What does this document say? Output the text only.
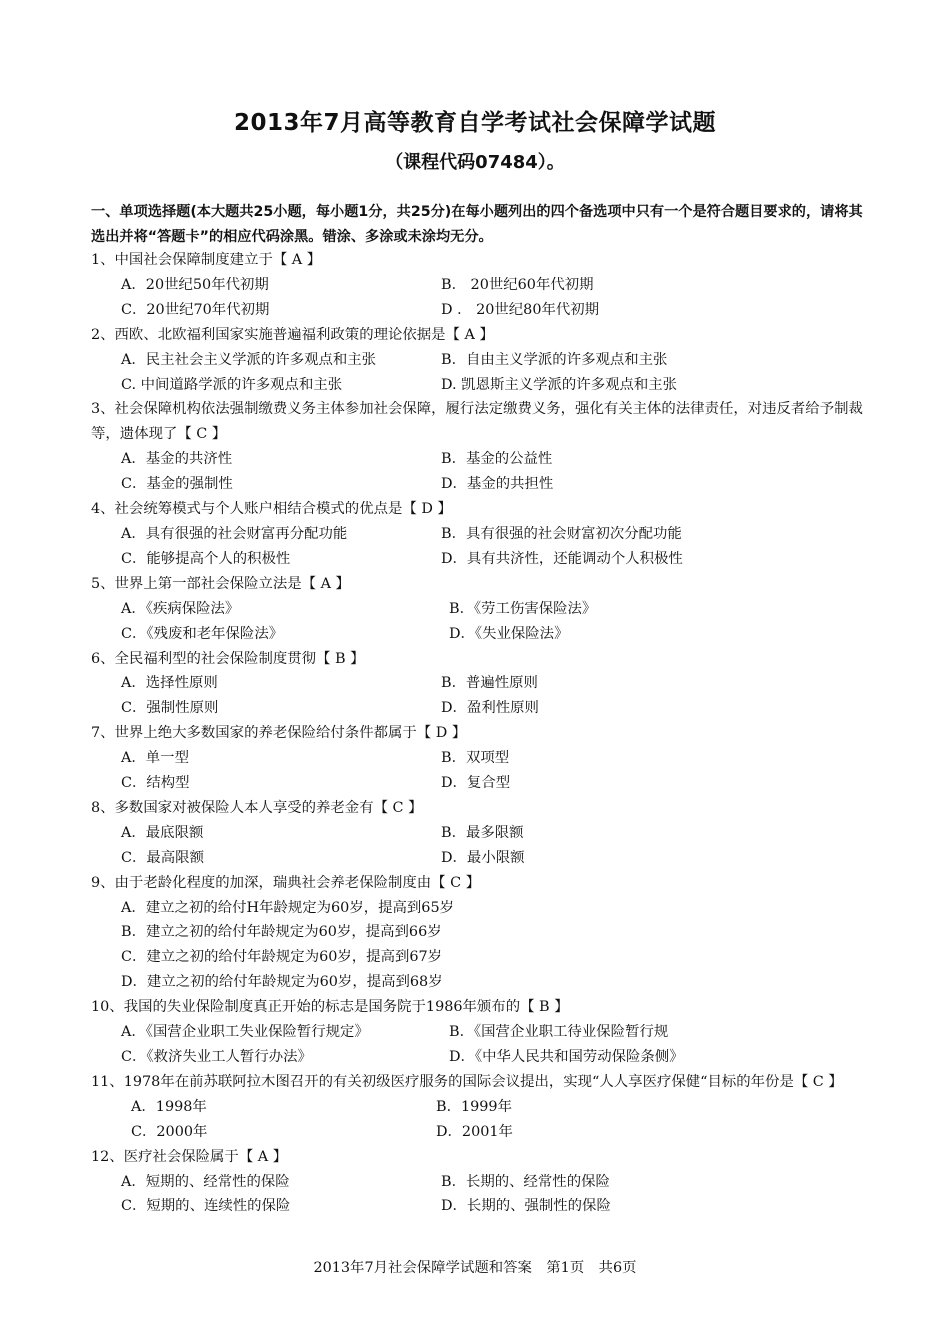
2013年7月高等教育自学考试社会保障学试题
（课程代码07484）。
一、单项选择题(本大题共25小题，每小题1分，共25分)在每小题列出的四个备选项中只有一个是符合题目要求的，请将其选出并将“答题卡”的相应代码涂黑。错涂、多涂或未涂均无分。
1、中国社会保障制度建立于【 A 】
A．20世纪50年代初期	B． 20世纪60年代初期
C．20世纪70年代初期	D ． 20世纪80年代初期
2、西欧、北欧福利国家实施普遍福利政策的理论依据是【 A 】
A．民主社会主义学派的许多观点和主张	B．自由主义学派的许多观点和主张
C. 中间道路学派的许多观点和主张	D. 凯恩斯主义学派的许多观点和主张
3、社会保障机构依法强制缴费义务主体参加社会保障，履行法定缴费义务，强化有关主体的法律责任，对违反者给予制裁等，遗体现了【 C 】
A．基金的共济性	B．基金的公益性
C．基金的强制性	D．基金的共担性
4、社会统筹模式与个人账户相结合模式的优点是【 D 】
A．具有很强的社会财富再分配功能	B．具有很强的社会财富初次分配功能
C．能够提高个人的积极性	D．具有共济性，还能调动个人积极性
5、世界上第一部社会保险立法是【 A 】
A．《疾病保险法》	B．《劳工伤害保险法》
C．《残废和老年保险法》	D．《失业保险法》
6、全民福利型的社会保险制度贯彻【 B 】
A．选择性原则	B．普遍性原则
C．强制性原则	D．盈利性原则
7、世界上绝大多数国家的养老保险给付条件都属于【 D 】
A．单一型	B．双项型
C．结构型	D．复合型
8、多数国家对被保险人本人享受的养老金有【 C 】
A．最底限额	B．最多限额
C．最高限额	D．最小限额
9、由于老龄化程度的加深，瑞典社会养老保险制度由【 C 】
A．建立之初的给付H年龄规定为60岁，提高到65岁
B．建立之初的给付年龄规定为60岁，提高到66岁
C．建立之初的给付年龄规定为60岁，提高到67岁
D．建立之初的给付年龄规定为60岁，提高到68岁
10、我国的失业保险制度真正开始的标志是国务院于1986年颁布的【 B 】
A．《国营企业职工失业保险暂行规定》	B．《国营企业职工待业保险暂行规
C．《救济失业工人暂行办法》	D．《中华人民共和国劳动保险条侧》
11、1978年在前苏联阿拉木图召开的有关初级医疗服务的国际会议提出，实现“人人享医疗保健“目标的年份是【 C 】
A．1998年	B．1999年
C．2000年	D．2001年
12、医疗社会保险属于【 A 】
A．短期的、经常性的保险	B．长期的、经常性的保险
C．短期的、连续性的保险	D．长期的、强制性的保险
2013年7月社会保障学试题和答案　第1页　共6页
